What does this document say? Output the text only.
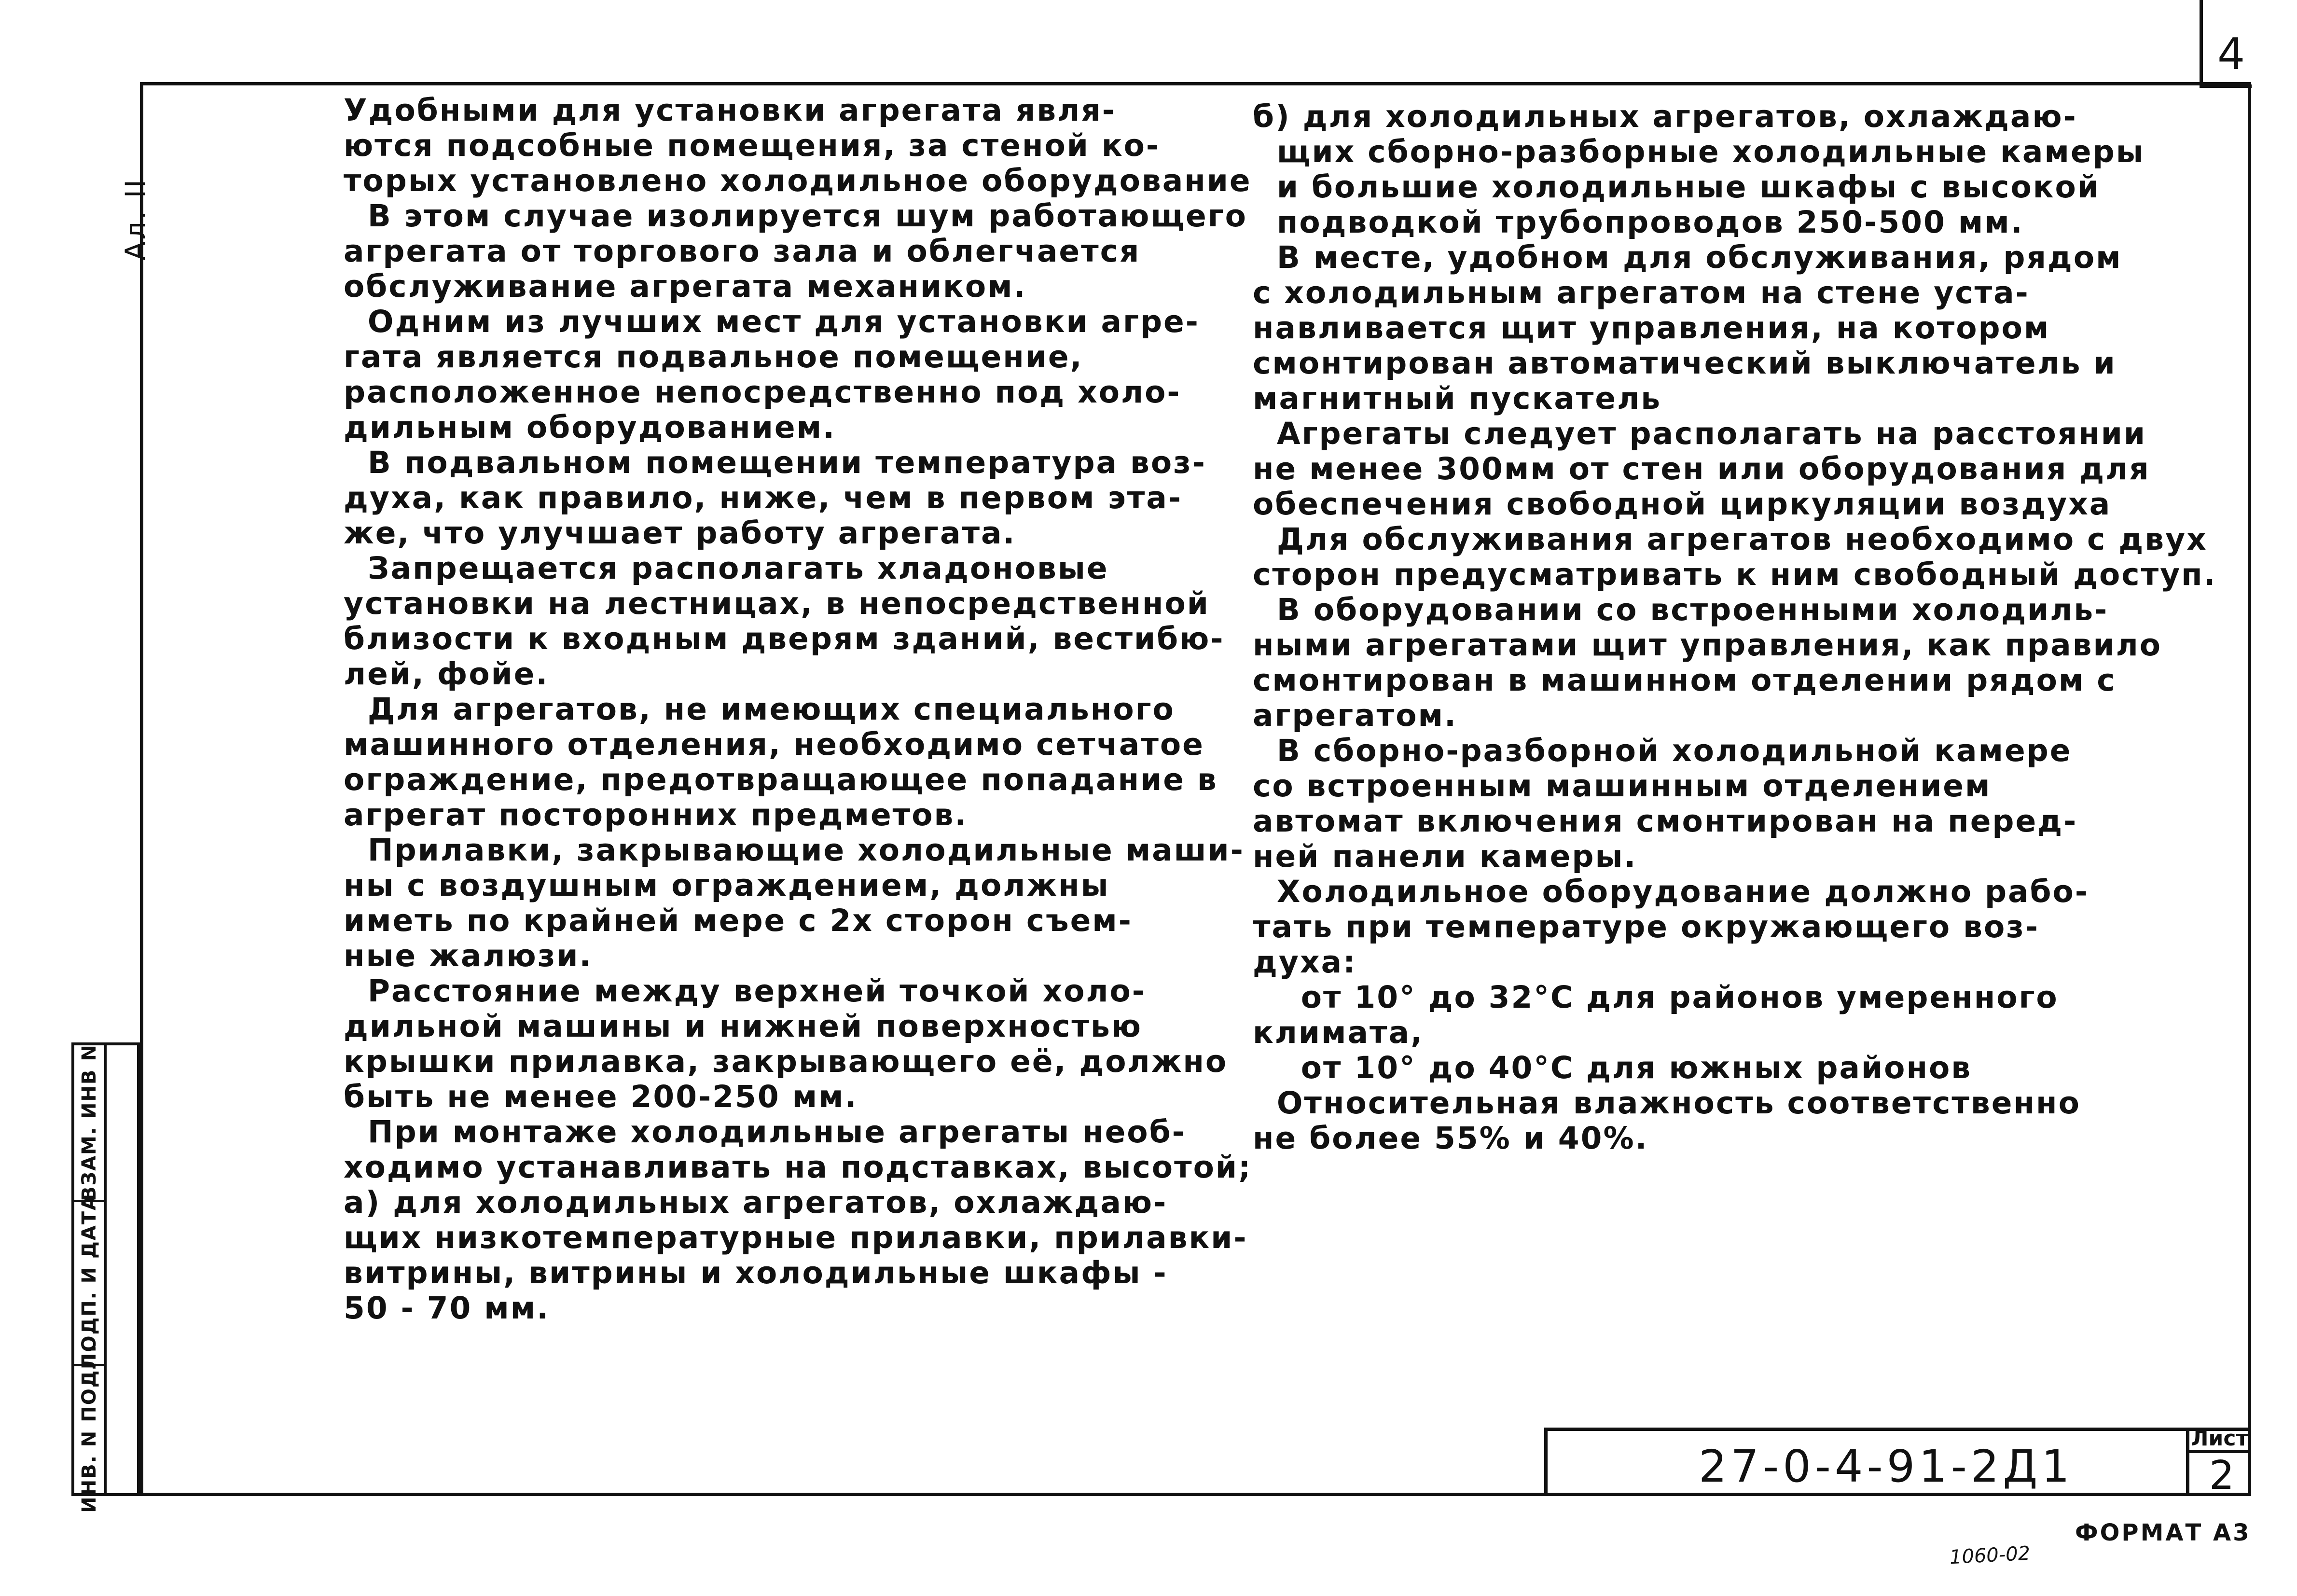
4
Ал. II
ВЗАМ. ИНВ N
ПОДП. И ДАТА
ИНВ. N ПОДЛ.
Удобными для установки агрегата явля-
ются подсобные помещения, за стеной ко-
торых установлено холодильное оборудование
В этом случае изолируется шум работающего
агрегата от торгового зала и облегчается
обслуживание агрегата механиком.
Одним из лучших мест для установки агре-
гата является подвальное помещение,
расположенное непосредственно под холо-
дильным оборудованием.
В подвальном помещении температура воз-
духа, как правило, ниже, чем в первом эта-
же, что улучшает работу агрегата.
Запрещается располагать хладоновые
установки на лестницах, в непосредственной
близости к входным дверям зданий, вестибю-
лей, фойе.
Для агрегатов, не имеющих специального
машинного отделения, необходимо сетчатое
ограждение, предотвращающее попадание в
агрегат посторонних предметов.
Прилавки, закрывающие холодильные маши-
ны с воздушным ограждением, должны
иметь по крайней мере с 2х сторон съем-
ные жалюзи.
Расстояние между верхней точкой холо-
дильной машины и нижней поверхностью
крышки прилавка, закрывающего её, должно
быть не менее 200-250 мм.
При монтаже холодильные агрегаты необ-
ходимо устанавливать на подставках, высотой;
а) для холодильных агрегатов, охлаждаю-
щих низкотемпературные прилавки, прилавки-
витрины, витрины и холодильные шкафы -
50 - 70 мм.
б) для холодильных агрегатов, охлаждаю-
щих сборно-разборные холодильные камеры
и большие холодильные шкафы с высокой
подводкой трубопроводов 250-500 мм.
В месте, удобном для обслуживания, рядом
с холодильным агрегатом на стене уста-
навливается щит управления, на котором
смонтирован автоматический выключатель и
магнитный пускатель
Агрегаты следует располагать на расстоянии
не менее 300мм от стен или оборудования для
обеспечения свободной циркуляции воздуха
Для обслуживания агрегатов необходимо с двух
сторон предусматривать к ним свободный доступ.
В оборудовании со встроенными холодиль-
ными агрегатами щит управления, как правило
смонтирован в машинном отделении рядом с
агрегатом.
В сборно-разборной холодильной камере
со встроенным машинным отделением
автомат включения смонтирован на перед-
ней панели камеры.
Холодильное оборудование должно рабо-
тать при температуре окружающего воз-
духа:
от 10° до 32°С для районов умеренного
климата,
от 10° до 40°С для южных районов
Относительная влажность соответственно
не более 55% и 40%.
27-0-4-91-2Д1
Лист
2
ФОРМАТ А3
1060-02
